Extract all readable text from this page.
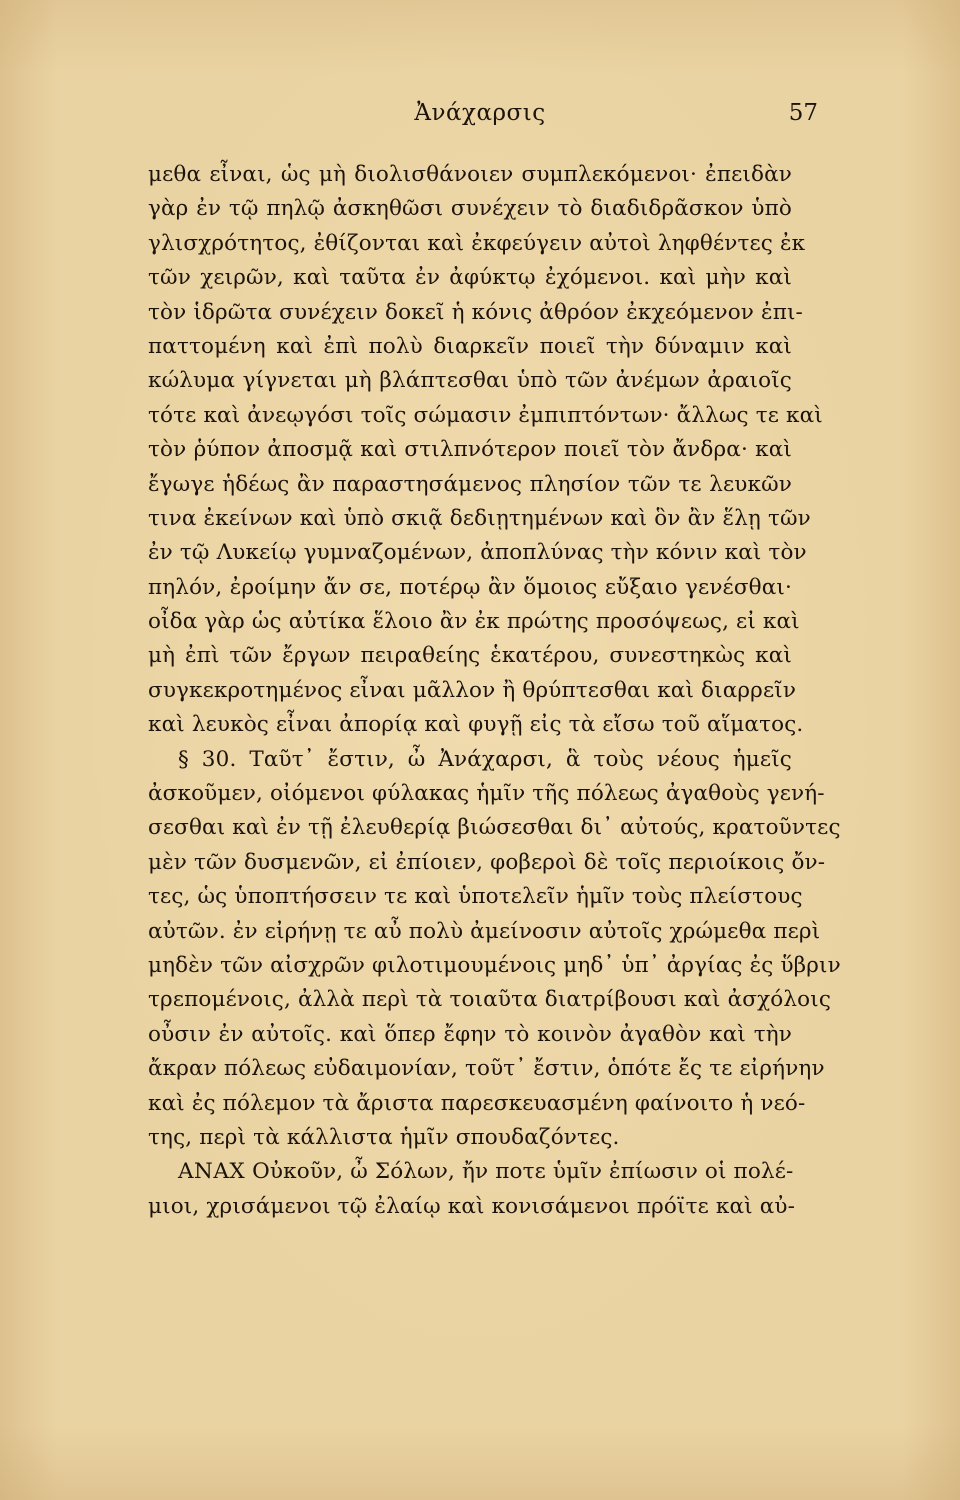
Ἀνάχαρσις	57
μεθα εἶναι, ὡς μὴ διολισθάνοιεν συμπλεκόμενοι· ἐπειδὰν
γὰρ ἐν τῷ πηλῷ ἀσκηθῶσι συνέχειν τὸ διαδιδρᾶσκον ὑπὸ
γλισχρότητος, ἐθίζονται καὶ ἐκφεύγειν αὐτοὶ ληφθέντες ἐκ
τῶν χειρῶν, καὶ ταῦτα ἐν ἀφύκτῳ ἐχόμενοι. καὶ μὴν καὶ
τὸν ἱδρῶτα συνέχειν δοκεῖ ἡ κόνις ἀθρόον ἐκχεόμενον ἐπι-
παττομένη καὶ ἐπὶ πολὺ διαρκεῖν ποιεῖ τὴν δύναμιν καὶ
κώλυμα γίγνεται μὴ βλάπτεσθαι ὑπὸ τῶν ἀνέμων ἀραιοῖς
τότε καὶ ἀνεῳγόσι τοῖς σώμασιν ἐμπιπτόντων· ἄλλως τε καὶ
τὸν ῥύπον ἀποσμᾷ καὶ στιλπνότερον ποιεῖ τὸν ἄνδρα· καὶ
ἔγωγε ἡδέως ἂν παραστησάμενος πλησίον τῶν τε λευκῶν
τινα ἐκείνων καὶ ὑπὸ σκιᾷ δεδιῃτημένων καὶ ὃν ἂν ἕλῃ τῶν
ἐν τῷ Λυκείῳ γυμναζομένων, ἀποπλύνας τὴν κόνιν καὶ τὸν
πηλόν, ἐροίμην ἄν σε, ποτέρῳ ἂν ὅμοιος εὔξαιο γενέσθαι·
οἶδα γὰρ ὡς αὐτίκα ἕλοιο ἂν ἐκ πρώτης προσόψεως, εἰ καὶ
μὴ ἐπὶ τῶν ἔργων πειραθείης ἑκατέρου, συνεστηκὼς καὶ
συγκεκροτημένος εἶναι μᾶλλον ἢ θρύπτεσθαι καὶ διαρρεῖν
καὶ λευκὸς εἶναι ἀπορίᾳ καὶ φυγῇ εἰς τὰ εἴσω τοῦ αἵματος.
§ 30. Ταῦτ᾽ ἔστιν, ὦ Ἀνάχαρσι, ἃ τοὺς νέους ἡμεῖς
ἀσκοῦμεν, οἰόμενοι φύλακας ἡμῖν τῆς πόλεως ἀγαθοὺς γενή-
σεσθαι καὶ ἐν τῇ ἐλευθερίᾳ βιώσεσθαι δι᾽ αὐτούς, κρατοῦντες
μὲν τῶν δυσμενῶν, εἰ ἐπίοιεν, φοβεροὶ δὲ τοῖς περιοίκοις ὄν-
τες, ὡς ὑποπτήσσειν τε καὶ ὑποτελεῖν ἡμῖν τοὺς πλείστους
αὐτῶν. ἐν εἰρήνῃ τε αὖ πολὺ ἀμείνοσιν αὐτοῖς χρώμεθα περὶ
μηδὲν τῶν αἰσχρῶν φιλοτιμουμένοις μηδ᾽ ὑπ᾽ ἀργίας ἐς ὕβριν
τρεπομένοις, ἀλλὰ περὶ τὰ τοιαῦτα διατρίβουσι καὶ ἀσχόλοις
οὖσιν ἐν αὐτοῖς. καὶ ὅπερ ἔφην τὸ κοινὸν ἀγαθὸν καὶ τὴν
ἄκραν πόλεως εὐδαιμονίαν, τοῦτ᾽ ἔστιν, ὁπότε ἔς τε εἰρήνην
καὶ ἐς πόλεμον τὰ ἄριστα παρεσκευασμένη φαίνοιτο ἡ νεό-
της, περὶ τὰ κάλλιστα ἡμῖν σπουδαζόντες.
ΑΝΑΧ Οὐκοῦν, ὦ Σόλων, ἤν ποτε ὑμῖν ἐπίωσιν οἱ πολέ-
μιοι, χρισάμενοι τῷ ἐλαίῳ καὶ κονισάμενοι πρόϊτε καὶ αὐ-
